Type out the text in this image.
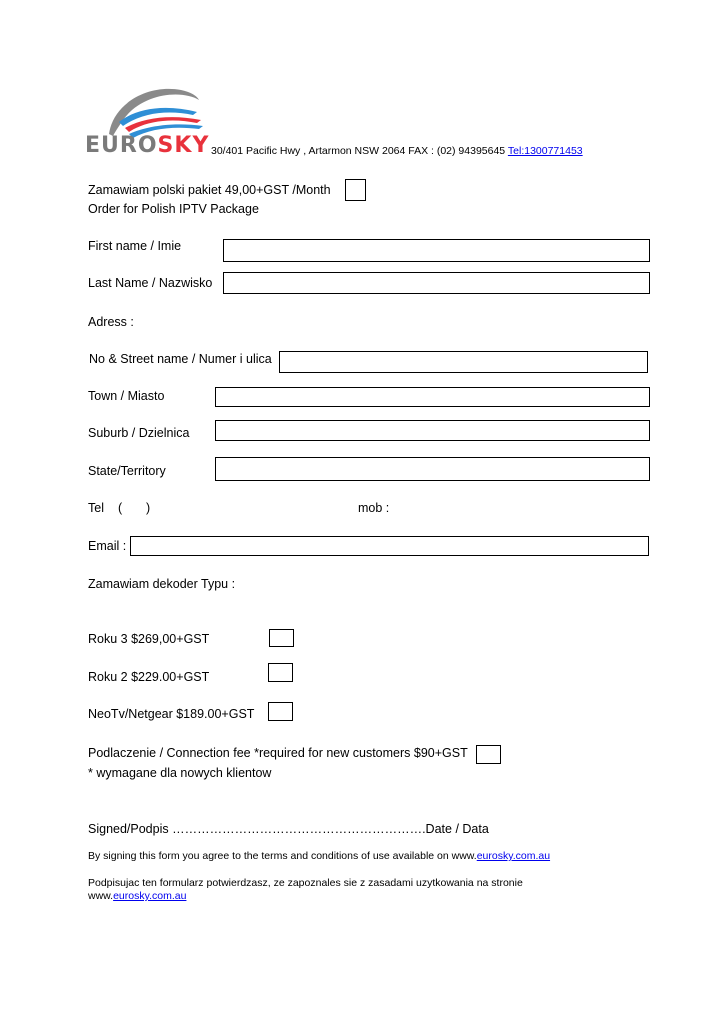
EUROSKY 30/401 Pacific Hwy , Artarmon NSW 2064 FAX : (02) 94395645 Tel:1300771453
Zamawiam polski pakiet 49,00+GST /Month
Order for Polish IPTV Package
First name / Imie
Last Name / Nazwisko
Adress :
No & Street name / Numer i ulica
Town / Miasto
Suburb / Dzielnica
State/Territory
Tel ( )	mob :
Email :
Zamawiam dekoder Typu :
Roku 3 $269,00+GST
Roku 2 $229.00+GST
NeoTv/Netgear $189.00+GST
Podlaczenie / Connection fee *required for new customers $90+GST
* wymagane dla nowych klientow
Signed/Podpis …………………………………………………….Date / Data
By signing this form you agree to the terms and conditions of use available on www.eurosky.com.au
Podpisujac ten formularz potwierdzasz, ze zapoznales sie z zasadami uzytkowania na stronie
www.eurosky.com.au
